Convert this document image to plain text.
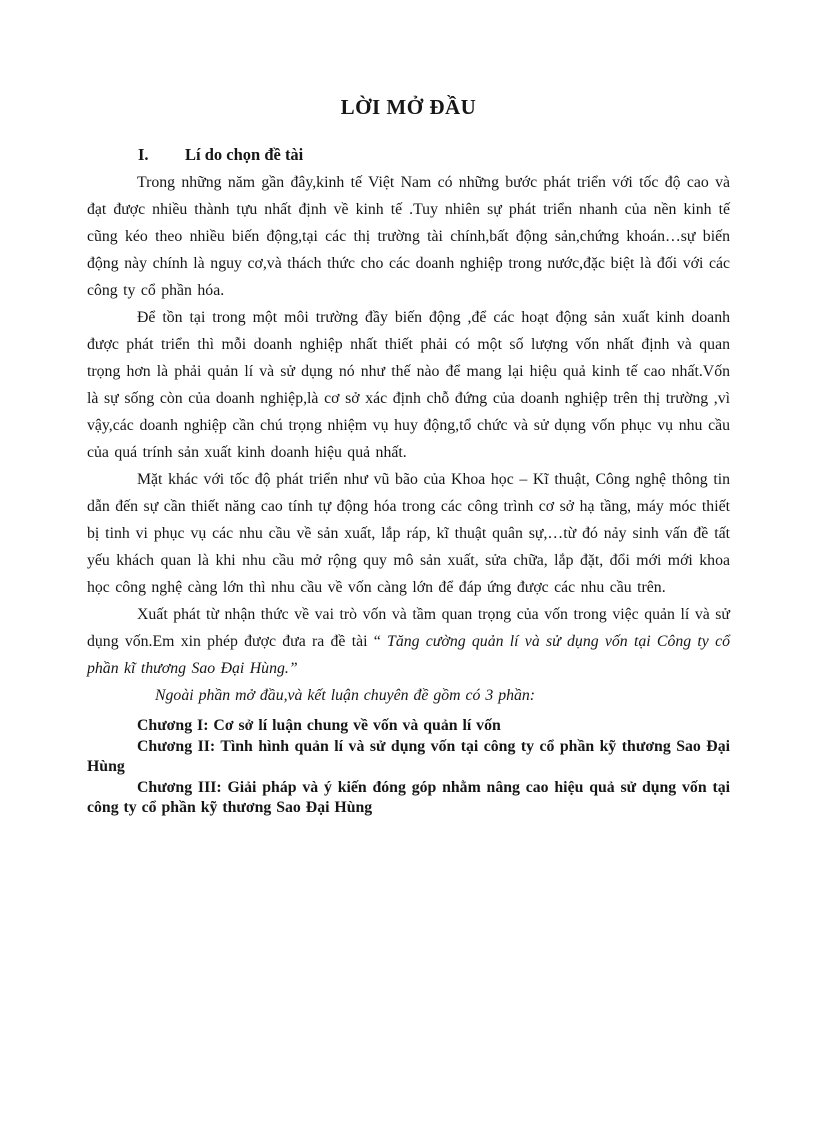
LỜI MỞ ĐẦU
I. Lí do chọn đề tài

Trong những năm gần đây,kinh tế Việt Nam có những bước phát triển với tốc độ cao và đạt được nhiều thành tựu nhất định về kinh tế .Tuy nhiên sự phát triển nhanh của nền kinh tế cũng kéo theo nhiều biến động,tại các thị trường tài chính,bất động sản,chứng khoán…sự biến động này chính là nguy cơ,và thách thức cho các doanh nghiệp trong nước,đặc biệt là đối với các công ty cổ phần hóa.

Để tồn tại trong một môi trường đầy biến động ,để các hoạt động sản xuất kinh doanh được phát triển thì mỗi doanh nghiệp nhất thiết phải có một số lượng vốn nhất định và quan trọng hơn là phải quản lí và sử dụng nó như thế nào để mang lại hiệu quả kinh tế cao nhất.Vốn là sự sống còn của doanh nghiệp,là cơ sở xác định chỗ đứng của doanh nghiệp trên thị trường ,vì vậy,các doanh nghiệp cần chú trọng nhiệm vụ huy động,tổ chức và sử dụng vốn phục vụ nhu cầu của quá trính sản xuất kinh doanh hiệu quả nhất.

Mặt khác với tốc độ phát triển như vũ bão của Khoa học – Kĩ thuật, Công nghệ thông tin dẫn đến sự cần thiết năng cao tính tự động hóa trong các công trình cơ sở hạ tầng, máy móc thiết bị tinh vi phục vụ các nhu cầu về sản xuất, lắp ráp, kĩ thuật quân sự,…từ đó nảy sinh vấn đề tất yếu khách quan là khi nhu cầu mở rộng quy mô sản xuất, sửa chữa, lắp đặt, đổi mới mới khoa học công nghệ càng lớn thì nhu cầu về vốn càng lớn để đáp ứng được các nhu cầu trên.

Xuất phát từ nhận thức về vai trò vốn và tầm quan trọng của vốn trong việc quản lí và sử dụng vốn.Em xin phép được đưa ra đề tài “ Tăng cường quản lí và sử dụng vốn tại Công ty cổ phần kĩ thương Sao Đại Hùng.”

Ngoài phần mở đầu,và kết luận chuyên đề gồm có 3 phần:

Chương I: Cơ sở lí luận chung về vốn và quản lí vốn

Chương II: Tình hình quản lí và sử dụng vốn tại công ty cổ phần kỹ thương Sao Đại Hùng

Chương III: Giải pháp và ý kiến đóng góp nhằm nâng cao hiệu quả sử dụng vốn tại công ty cổ phần kỹ thương Sao Đại Hùng
